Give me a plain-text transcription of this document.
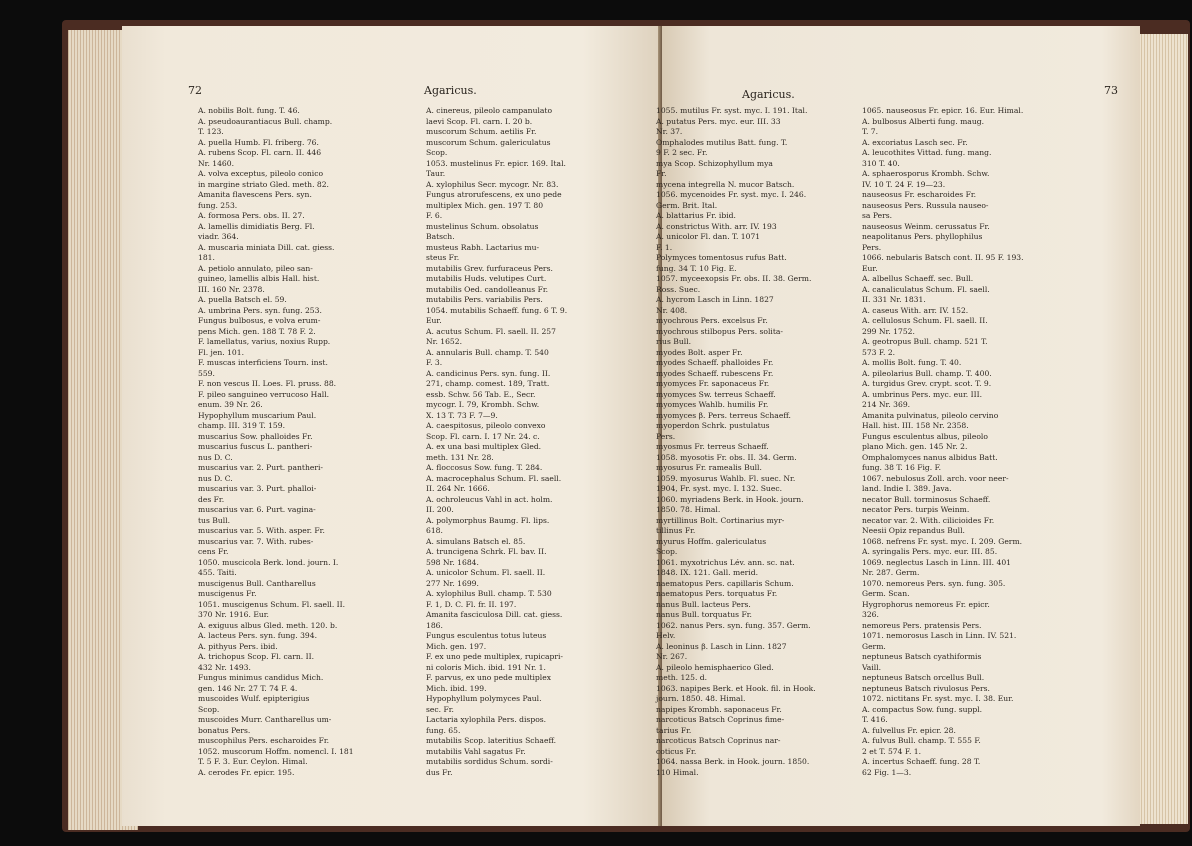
72	Agaricus.
A. nobilis Bolt. fung. T. 46.
A. pseudoaurantiacus Bull. champ.
T. 123.
A. puella Humb. Fl. friberg. 76.
A. rubens Scop. Fl. carn. II. 446
Nr. 1460.
A. volva exceptus, pileolo conico
in margine striato Gled. meth. 82.
Amanita flavescens Pers. syn.
fung. 253.
A. formosa Pers. obs. II. 27.
A. lamellis dimidiatis Berg. Fl.
viadr. 364.
A. muscaria miniata Dill. cat. giess.
181.
A. petiolo annulato, pileo san-
guineo, lamellis albis Hall. hist.
III. 160 Nr. 2378.
A. puella Batsch el. 59.
A. umbrina Pers. syn. fung. 253.
Fungus bulbosus, e volva erum-
pens Mich. gen. 188 T. 78 F. 2.
F. lamellatus, varius, noxius Rupp.
Fl. jen. 101.
F. muscas interficiens Tourn. inst.
559.
F. non vescus II. Loes. Fl. pruss. 88.
F. pileo sanguineo verrucoso Hall.
enum. 39 Nr. 26.
Hypophyllum muscarium Paul.
champ. III. 319 T. 159.
muscarius Sow. phalloides Fr.
muscarius fuscus L. pantheri-
nus D. C.
muscarius var. 2. Purt. pantheri-
nus D. C.
muscarius var. 3. Purt. phalloi-
des Fr.
muscarius var. 6. Purt. vagina-
tus Bull.
muscarius var. 5. With. asper. Fr.
muscarius var. 7. With. rubes-
cens Fr.
1050. muscicola Berk. lond. journ. I.
455. Taiti.
muscigenus Bull. Cantharellus
muscigenus Fr.
1051. muscigenus Schum. Fl. saell. II.
370 Nr. 1916. Eur.
A. exiguus albus Gled. meth. 120. b.
A. lacteus Pers. syn. fung. 394.
A. pithyus Pers. ibid.
A. trichopus Scop. Fl. carn. II.
432 Nr. 1493.
Fungus minimus candidus Mich.
gen. 146 Nr. 27 T. 74 F. 4.
muscoides Wulf. epipterigius
Scop.
muscoides Murr. Cantharellus um-
bonatus Pers.
muscophilus Pers. escharoides Fr.
1052. muscorum Hoffm. nomencl. I. 181
T. 5 F. 3. Eur. Ceylon. Himal.
A. cerodes Fr. epicr. 195.
A. cinereus, pileolo campanulato
laevi Scop. Fl. carn. I. 20 b.
muscorum Schum. aetilis Fr.
muscorum Schum. galericulatus
Scop.
1053. mustelinus Fr. epicr. 169. Ital.
Taur.
A. xylophilus Secr. mycogr. Nr. 83.
Fungus atrorufescens, ex uno pede
multiplex Mich. gen. 197 T. 80
F. 6.
mustelinus Schum. obsolatus
Batsch.
musteus Rabh. Lactarius mu-
steus Fr.
mutabilis Grev. furfuraceus Pers.
mutabilis Huds. velutipes Curt.
mutabilis Oed. candolleanus Fr.
mutabilis Pers. variabilis Pers.
1054. mutabilis Schaeff. fung. 6 T. 9.
Eur.
A. acutus Schum. Fl. saell. II. 257
Nr. 1652.
A. annularis Bull. champ. T. 540
F. 3.
A. candicinus Pers. syn. fung. II.
271, champ. comest. 189, Tratt.
essb. Schw. 56 Tab. E., Secr.
mycogr. I. 79, Krombh. Schw.
X. 13 T. 73 F. 7—9.
A. caespitosus, pileolo convexo
Scop. Fl. carn. I. 17 Nr. 24. c.
A. ex una basi multiplex Gled.
meth. 131 Nr. 28.
A. floccosus Sow. fung. T. 284.
A. macrocephalus Schum. Fl. saell.
II. 264 Nr. 1666.
A. ochroleucus Vahl in act. holm.
II. 200.
A. polymorphus Baumg. Fl. lips.
618.
A. simulans Batsch el. 85.
A. truncigena Schrk. Fl. bav. II.
598 Nr. 1684.
A. unicolor Schum. Fl. saell. II.
277 Nr. 1699.
A. xylophilus Bull. champ. T. 530
F. 1, D. C. Fl. fr. II. 197.
Amanita fasciculosa Dill. cat. giess.
186.
Fungus esculentus totus luteus
Mich. gen. 197.
F. ex uno pede multiplex, rupicapri-
ni coloris Mich. ibid. 191 Nr. 1.
F. parvus, ex uno pede multiplex
Mich. ibid. 199.
Hypophyllum polymyces Paul.
sec. Fr.
Lactaria xylophila Pers. dispos.
fung. 65.
mutabilis Scop. lateritius Schaeff.
mutabilis Vahl sagatus Fr.
mutabilis sordidus Schum. sordi-
dus Fr.
Agaricus.	73
1055. mutilus Fr. syst. myc. I. 191. Ital.
A. putatus Pers. myc. eur. III. 33
Nr. 37.
Omphalodes mutilus Batt. fung. T.
9 F. 2 sec. Fr.
mya Scop. Schizophyllum mya
Fr.
mycena integrella N. mucor Batsch.
1056. mycenoides Fr. syst. myc. I. 246.
Germ. Brit. Ital.
A. blattarius Fr. ibid.
A. constrictus With. arr. IV. 193
A. unicolor Fl. dan. T. 1071
F. 1.
Polymyces tomentosus rufus Batt.
fung. 34 T. 10 Fig. E.
1057. myceexopsis Fr. obs. II. 38. Germ.
Ross. Suec.
A. hycrom Lasch in Linn. 1827
Nr. 408.
myochrous Pers. excelsus Fr.
myochrous stilbopus Pers. solita-
rius Bull.
myodes Bolt. asper Fr.
myodes Schaeff. phalloides Fr.
myodes Schaeff. rubescens Fr.
myomyces Fr. saponaceus Fr.
myomyces Sw. terreus Schaeff.
myomyces Wahlb. humilis Fr.
myomyces β. Pers. terreus Schaeff.
myoperdon Schrk. pustulatus
Pers.
myosmus Fr. terreus Schaeff.
1058. myosotis Fr. obs. II. 34. Germ.
myosurus Fr. ramealis Bull.
1059. myosurus Wahlb. Fl. suec. Nr.
1904, Fr. syst. myc. I. 132. Suec.
1060. myriadens Berk. in Hook. journ.
1850. 78. Himal.
myrtillinus Bolt. Cortinarius myr-
tillinus Fr.
myurus Hoffm. galericulatus
Scop.
1061. myxotrichus Lév. ann. sc. nat.
1848. IX. 121. Gall. merid.
naematopus Pers. capillaris Schum.
naematopus Pers. torquatus Fr.
nanus Bull. lacteus Pers.
nanus Bull. torquatus Fr.
1062. nanus Pers. syn. fung. 357. Germ.
Helv.
A. leoninus β. Lasch in Linn. 1827
Nr. 267.
A. pileolo hemisphaerico Gled.
meth. 125. d.
1063. napipes Berk. et Hook. fil. in Hook.
journ. 1850. 48. Himal.
napipes Krombh. saponaceus Fr.
narcoticus Batsch Coprinus fime-
tarius Fr.
narcoticus Batsch Coprinus nar-
coticus Fr.
1064. nassa Berk. in Hook. journ. 1850.
110 Himal.
1065. nauseosus Fr. epicr. 16. Eur. Himal.
A. bulbosus Alberti fung. maug.
T. 7.
A. excoriatus Lasch sec. Fr.
A. leucothites Vittad. fung. mang.
310 T. 40.
A. sphaerosporus Krombh. Schw.
IV. 10 T. 24 F. 19—23.
nauseosus Fr. escharoides Fr.
nauseosus Pers. Russula nauseo-
sa Pers.
nauseosus Weinm. cerussatus Fr.
neapolitanus Pers. phyllophilus
Pers.
1066. nebularis Batsch cont. II. 95 F. 193.
Eur.
A. albellus Schaeff. sec. Bull.
A. canaliculatus Schum. Fl. saell.
II. 331 Nr. 1831.
A. caseus With. arr. IV. 152.
A. cellulosus Schum. Fl. saell. II.
299 Nr. 1752.
A. geotropus Bull. champ. 521 T.
573 F. 2.
A. mollis Bolt. fung. T. 40.
A. pileolarius Bull. champ. T. 400.
A. turgidus Grev. crypt. scot. T. 9.
A. umbrinus Pers. myc. eur. III.
214 Nr. 369.
Amanita pulvinatus, pileolo cervino
Hall. hist. III. 158 Nr. 2358.
Fungus esculentus albus, pileolo
plano Mich. gen. 145 Nr. 2.
Omphalomyces nanus albidus Batt.
fung. 38 T. 16 Fig. F.
1067. nebulosus Zoll. arch. voor neer-
land. Indie I. 389. Java.
necator Bull. torminosus Schaeff.
necator Pers. turpis Weinm.
necator var. 2. With. cilicioides Fr.
Neesii Opiz repandus Bull.
1068. nefrens Fr. syst. myc. I. 209. Germ.
A. syringalis Pers. myc. eur. III. 85.
1069. neglectus Lasch in Linn. III. 401
Nr. 287. Germ.
1070. nemoreus Pers. syn. fung. 305.
Germ. Scan.
Hygrophorus nemoreus Fr. epicr.
326.
nemoreus Pers. pratensis Pers.
1071. nemorosus Lasch in Linn. IV. 521.
Germ.
neptuneus Batsch cyathiformis
Vaill.
neptuneus Batsch orcellus Bull.
neptuneus Batsch rivulosus Pers.
1072. nictitans Fr. syst. myc. I. 38. Eur.
A. compactus Sow. fung. suppl.
T. 416.
A. fulvellus Fr. epicr. 28.
A. fulvus Bull. champ. T. 555 F.
2 et T. 574 F. 1.
A. incertus Schaeff. fung. 28 T.
62 Fig. 1—3.
